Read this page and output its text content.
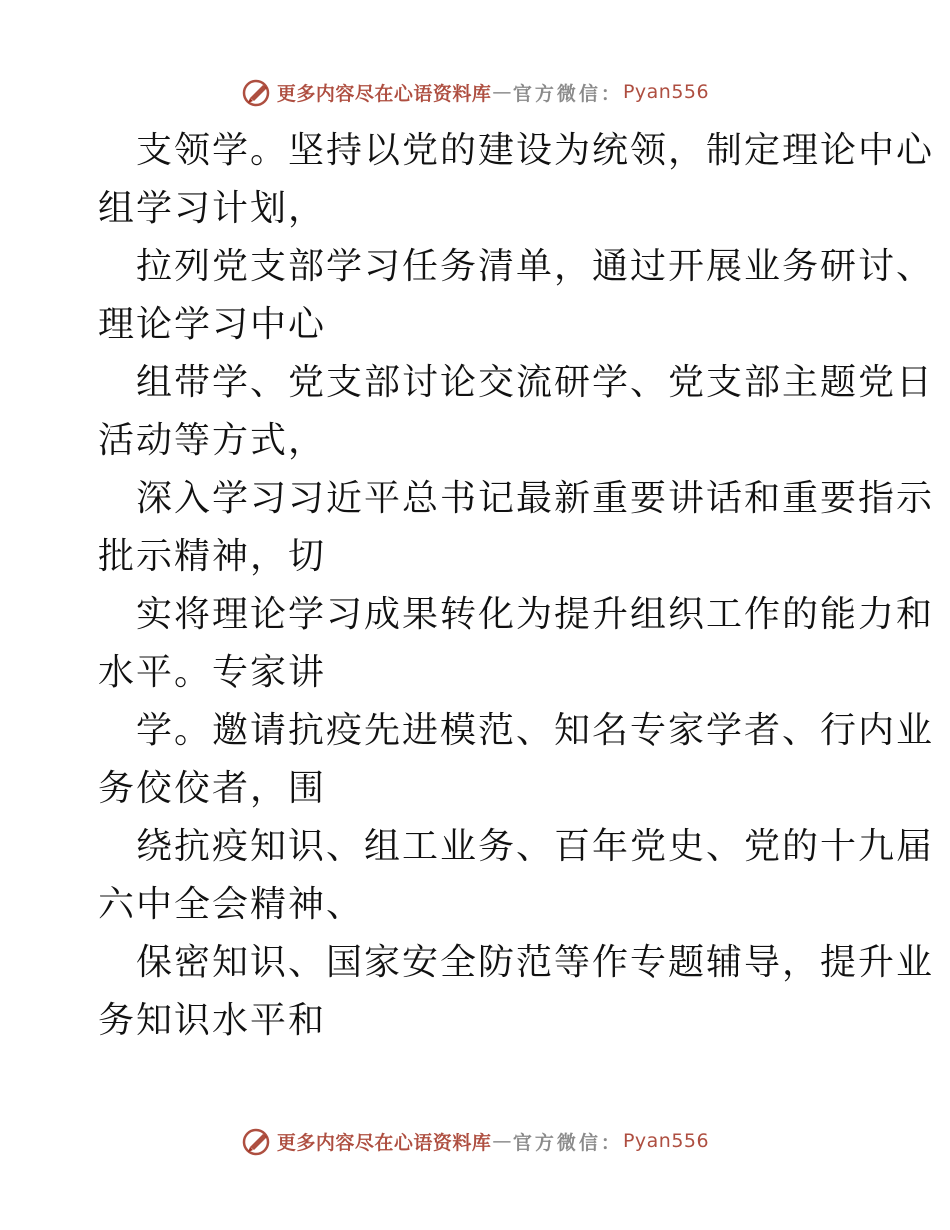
更多内容尽在心语资料库 — 官方微信： Pyan556

支领学。坚持以党的建设为统领，制定理论中心
组学习计划，

拉列党支部学习任务清单，通过开展业务研讨、
理论学习中心

组带学、党支部讨论交流研学、党支部主题党日
活动等方式，

深入学习习近平总书记最新重要讲话和重要指示
批示精神，切

实将理论学习成果转化为提升组织工作的能力和
水平。专家讲

学。邀请抗疫先进模范、知名专家学者、行内业
务佼佼者，围

绕抗疫知识、组工业务、百年党史、党的十九届
六中全会精神、

保密知识、国家安全防范等作专题辅导，提升业
务知识水平和

更多内容尽在心语资料库 — 官方微信： Pyan556
